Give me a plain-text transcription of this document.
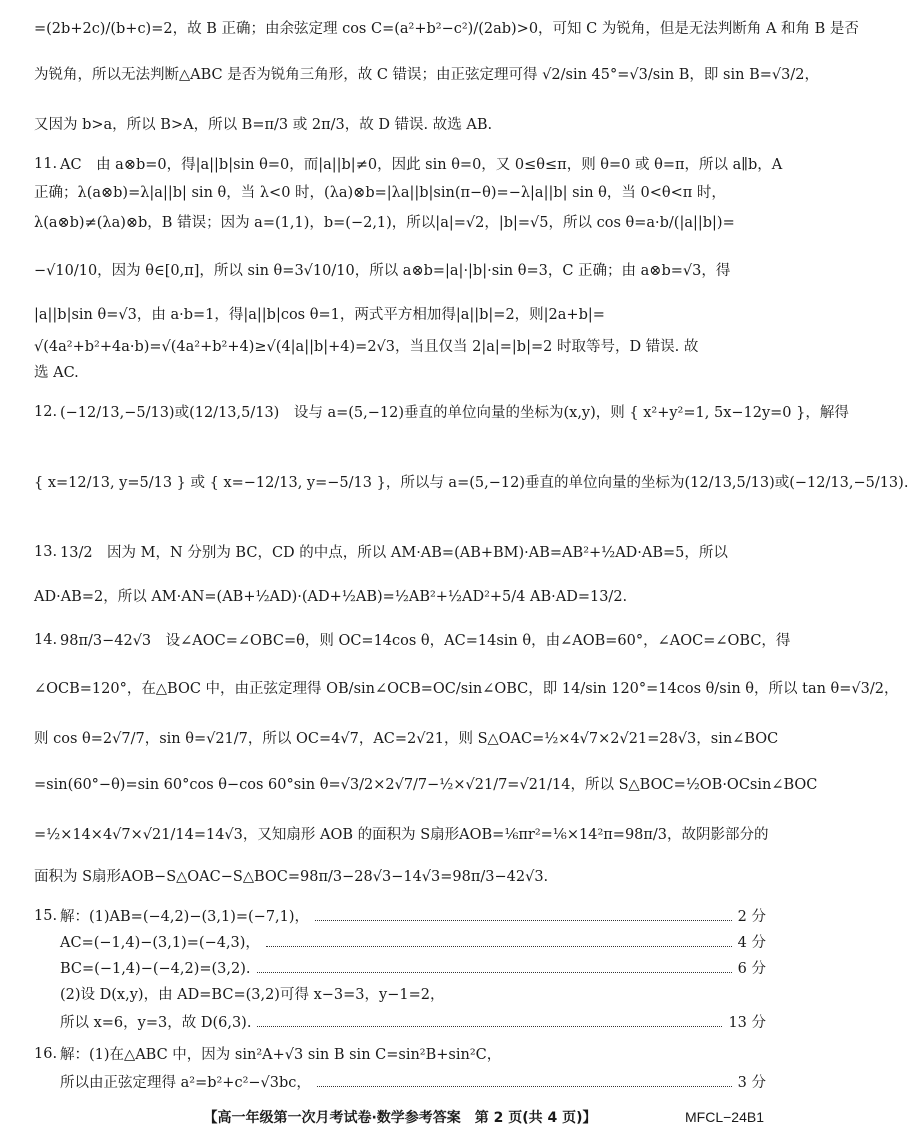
=(2b+2c)/(b+c)=2，故 B 正确；由余弦定理 cos C=(a²+b²−c²)/(2ab)>0，可知 C 为锐角，但是无法判断角 A 和角 B 是否
为锐角，所以无法判断△ABC 是否为锐角三角形，故 C 错误；由正弦定理可得 √2/sin 45°=√3/sin B，即 sin B=√3/2，
又因为 b>a，所以 B>A，所以 B=π/3 或 2π/3，故 D 错误. 故选 AB.
11. AC　由 a⊗b=0，得|a||b|sin θ=0，而|a||b|≠0，因此 sin θ=0，又 0≤θ≤π，则 θ=0 或 θ=π，所以 a∥b，A
正确；λ(a⊗b)=λ|a||b| sin θ，当 λ<0 时，(λa)⊗b=|λa||b|sin(π−θ)=−λ|a||b| sin θ，当 0<θ<π 时，
λ(a⊗b)≠(λa)⊗b，B 错误；因为 a=(1,1)，b=(−2,1)，所以|a|=√2，|b|=√5，所以 cos θ=a·b/(|a||b|)=
−√10/10，因为 θ∈[0,π]，所以 sin θ=3√10/10，所以 a⊗b=|a|·|b|·sin θ=3，C 正确；由 a⊗b=√3，得
|a||b|sin θ=√3，由 a·b=1，得|a||b|cos θ=1，两式平方相加得|a||b|=2，则|2a+b|=
√(4a²+b²+4a·b)=√(4a²+b²+4)≥√(4|a||b|+4)=2√3，当且仅当 2|a|=|b|=2 时取等号，D 错误. 故
选 AC.
12. (−12/13,−5/13)或(12/13,5/13)　设与 a=(5,−12)垂直的单位向量的坐标为(x,y)，则 { x²+y²=1, 5x−12y=0 }，解得
{ x=12/13, y=5/13 } 或 { x=−12/13, y=−5/13 }，所以与 a=(5,−12)垂直的单位向量的坐标为(12/13,5/13)或(−12/13,−5/13).
13. 13/2　因为 M，N 分别为 BC，CD 的中点，所以 AM·AB=(AB+BM)·AB=AB²+½AD·AB=5，所以
AD·AB=2，所以 AM·AN=(AB+½AD)·(AD+½AB)=½AB²+½AD²+5/4 AB·AD=13/2.
14. 98π/3−42√3　设∠AOC=∠OBC=θ，则 OC=14cos θ，AC=14sin θ，由∠AOB=60°，∠AOC=∠OBC，得
∠OCB=120°，在△BOC 中，由正弦定理得 OB/sin∠OCB=OC/sin∠OBC，即 14/sin 120°=14cos θ/sin θ，所以 tan θ=√3/2，
则 cos θ=2√7/7，sin θ=√21/7，所以 OC=4√7，AC=2√21，则 S△OAC=½×4√7×2√21=28√3，sin∠BOC
=sin(60°−θ)=sin 60°cos θ−cos 60°sin θ=√3/2×2√7/7−½×√21/7=√21/14，所以 S△BOC=½OB·OCsin∠BOC
=½×14×4√7×√21/14=14√3，又知扇形 AOB 的面积为 S扇形AOB=⅙πr²=⅙×14²π=98π/3，故阴影部分的
面积为 S扇形AOB−S△OAC−S△BOC=98π/3−28√3−14√3=98π/3−42√3.
15. 解：(1)AB=(−4,2)−(3,1)=(−7,1)，	2 分
AC=(−1,4)−(3,1)=(−4,3)，	4 分
BC=(−1,4)−(−4,2)=(3,2).	6 分
(2)设 D(x,y)，由 AD=BC=(3,2)可得 x−3=3，y−1=2，
所以 x=6，y=3，故 D(6,3).	13 分
16. 解：(1)在△ABC 中，因为 sin²A+√3 sin B sin C=sin²B+sin²C，
所以由正弦定理得 a²=b²+c²−√3bc，	3 分
【高一年级第一次月考试卷·数学参考答案　第 2 页(共 4 页)】	MFCL−24B1
